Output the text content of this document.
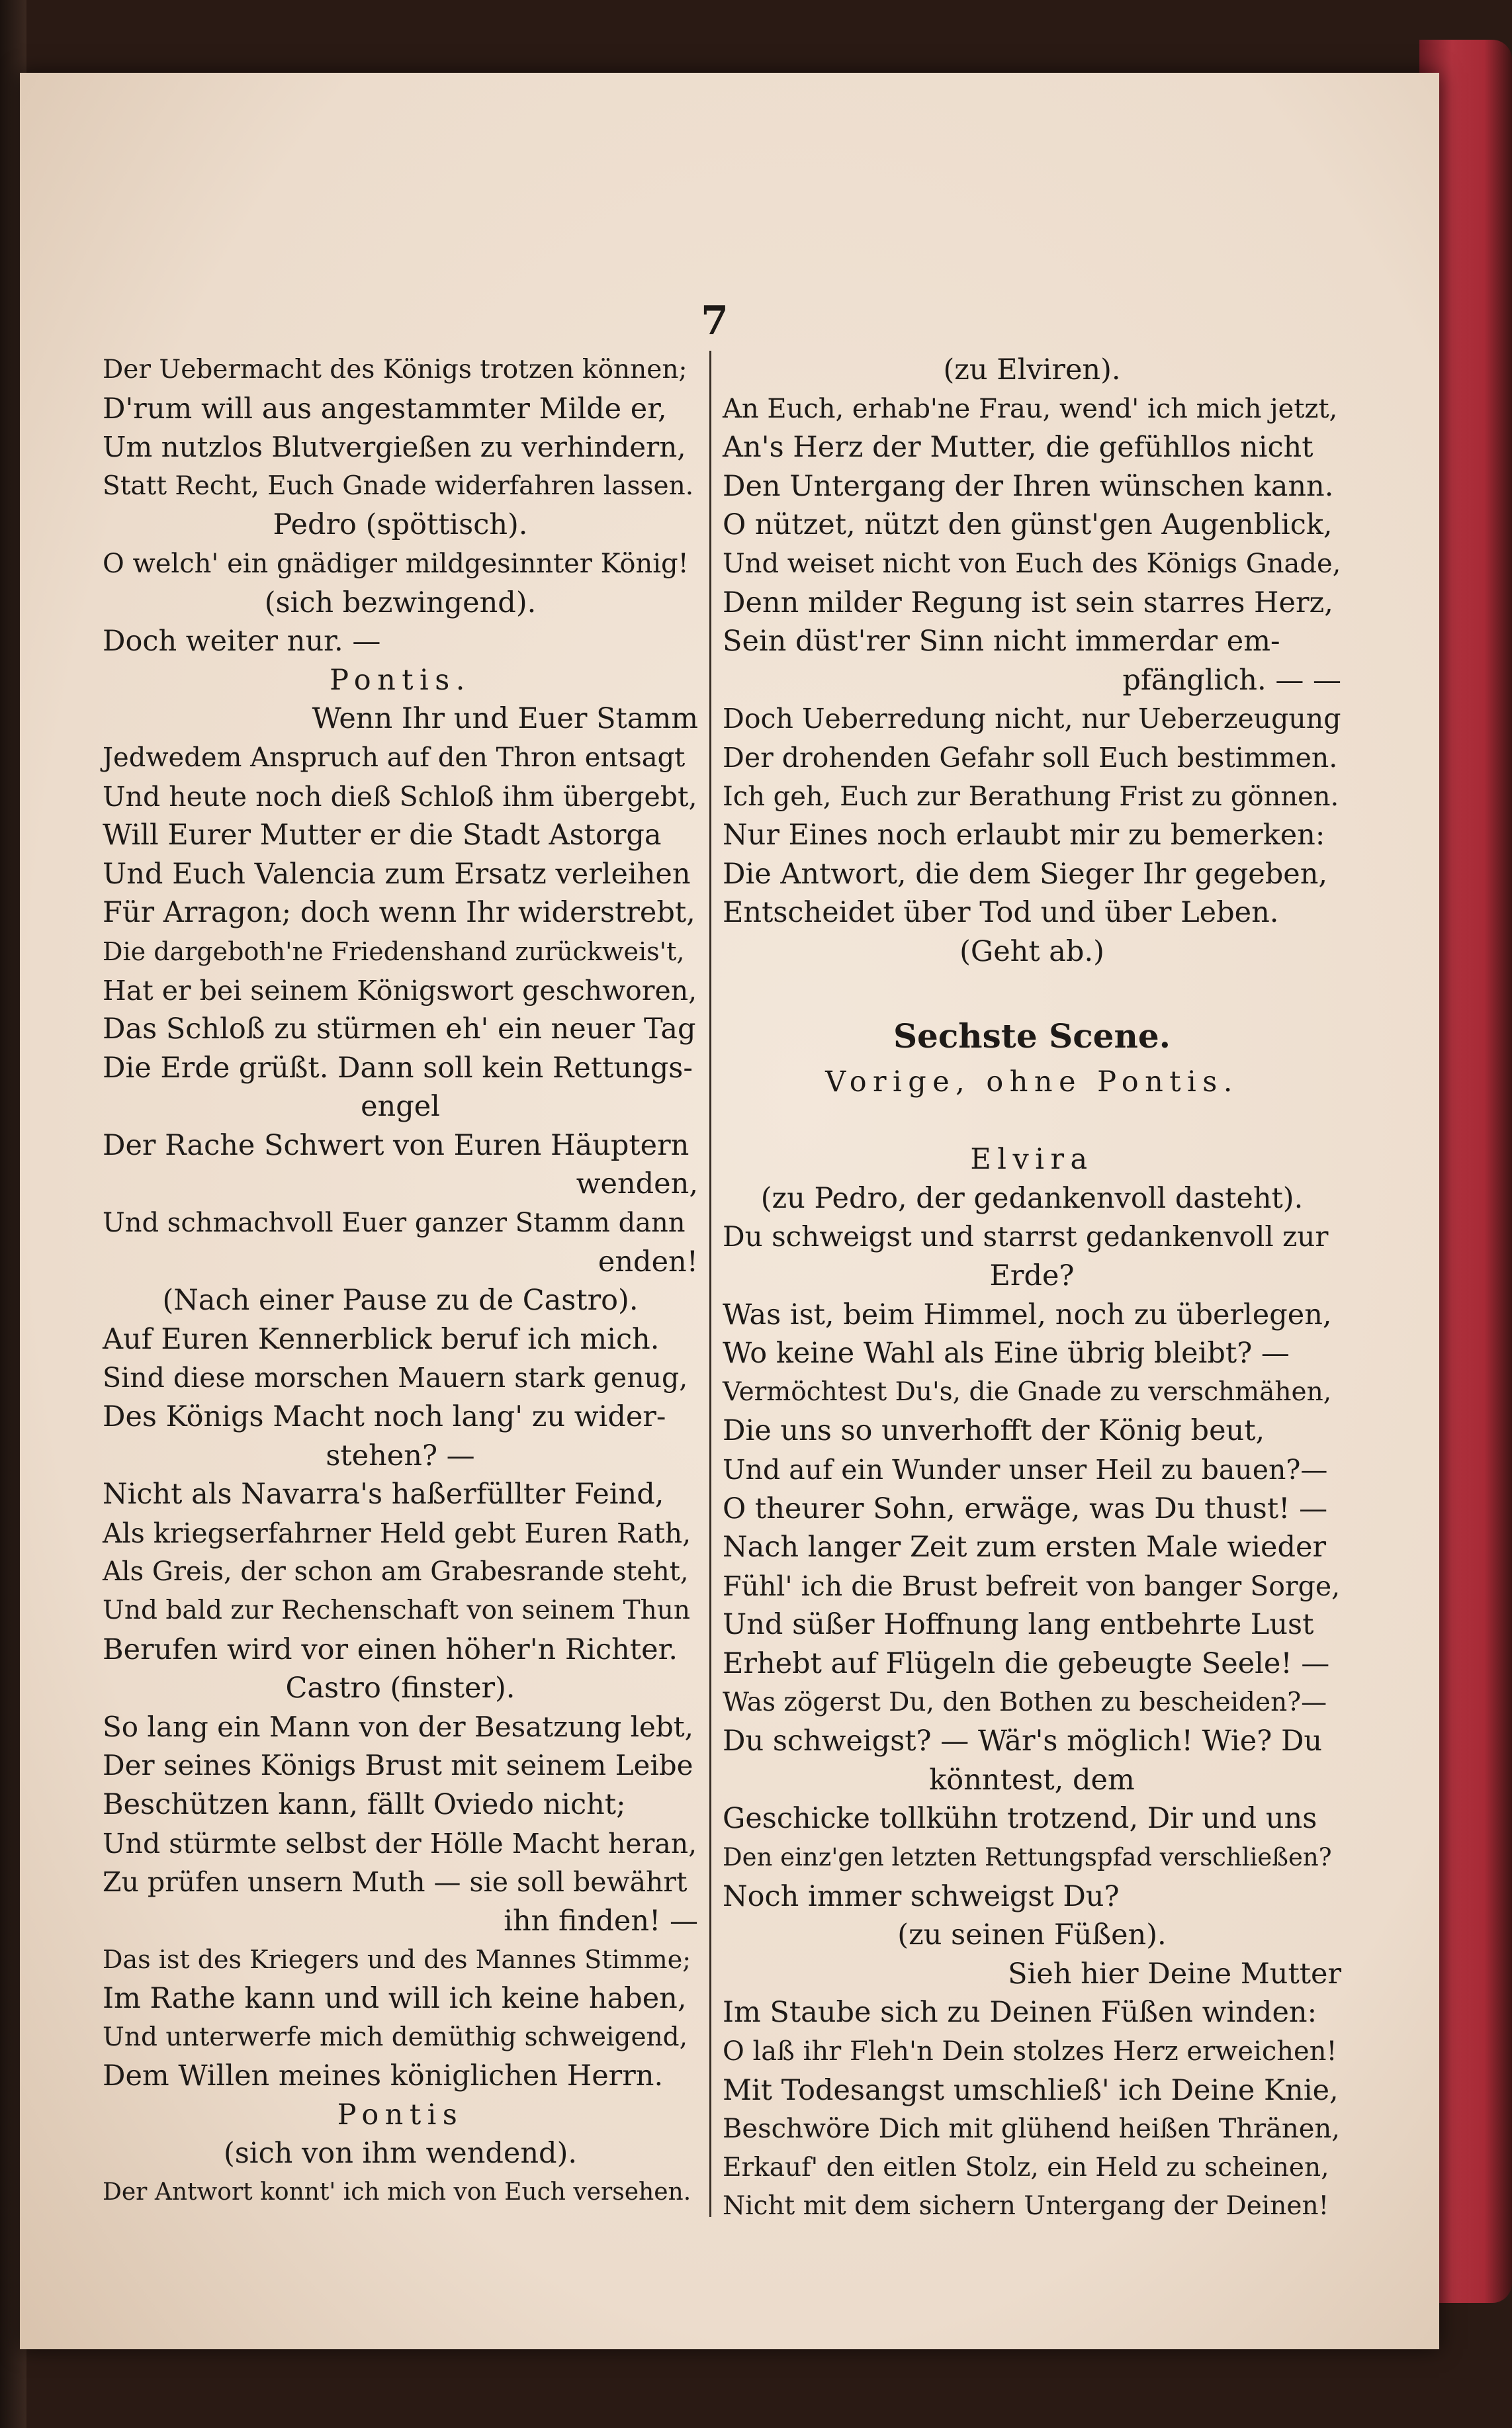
7
Der Uebermacht des Königs trotzen können;
D'rum will aus angestammter Milde er,
Um nutzlos Blutvergießen zu verhindern,
Statt Recht, Euch Gnade widerfahren lassen.
Pedro (spöttisch).
O welch' ein gnädiger mildgesinnter König!
(sich bezwingend).
Doch weiter nur. —
Pontis.
Wenn Ihr und Euer Stamm
Jedwedem Anspruch auf den Thron entsagt
Und heute noch dieß Schloß ihm übergebt,
Will Eurer Mutter er die Stadt Astorga
Und Euch Valencia zum Ersatz verleihen
Für Arragon; doch wenn Ihr widerstrebt,
Die dargeboth'ne Friedenshand zurückweis't,
Hat er bei seinem Königswort geschworen,
Das Schloß zu stürmen eh' ein neuer Tag
Die Erde grüßt. Dann soll kein Rettungs-
engel
Der Rache Schwert von Euren Häuptern
wenden,
Und schmachvoll Euer ganzer Stamm dann
enden!
(Nach einer Pause zu de Castro).
Auf Euren Kennerblick beruf ich mich.
Sind diese morschen Mauern stark genug,
Des Königs Macht noch lang' zu wider-
stehen? —
Nicht als Navarra's haßerfüllter Feind,
Als kriegserfahrner Held gebt Euren Rath,
Als Greis, der schon am Grabesrande steht,
Und bald zur Rechenschaft von seinem Thun
Berufen wird vor einen höher'n Richter.
Castro (finster).
So lang ein Mann von der Besatzung lebt,
Der seines Königs Brust mit seinem Leibe
Beschützen kann, fällt Oviedo nicht;
Und stürmte selbst der Hölle Macht heran,
Zu prüfen unsern Muth — sie soll bewährt
ihn finden! —
Das ist des Kriegers und des Mannes Stimme;
Im Rathe kann und will ich keine haben,
Und unterwerfe mich demüthig schweigend,
Dem Willen meines königlichen Herrn.
Pontis
(sich von ihm wendend).
Der Antwort konnt' ich mich von Euch versehen.
(zu Elviren).
An Euch, erhab'ne Frau, wend' ich mich jetzt,
An's Herz der Mutter, die gefühllos nicht
Den Untergang der Ihren wünschen kann.
O nützet, nützt den günst'gen Augenblick,
Und weiset nicht von Euch des Königs Gnade,
Denn milder Regung ist sein starres Herz,
Sein düst'rer Sinn nicht immerdar em-
pfänglich. — —
Doch Ueberredung nicht, nur Ueberzeugung
Der drohenden Gefahr soll Euch bestimmen.
Ich geh, Euch zur Berathung Frist zu gönnen.
Nur Eines noch erlaubt mir zu bemerken:
Die Antwort, die dem Sieger Ihr gegeben,
Entscheidet über Tod und über Leben.
(Geht ab.)
Sechste Scene.
Vorige, ohne Pontis.
Elvira
(zu Pedro, der gedankenvoll dasteht).
Du schweigst und starrst gedankenvoll zur
Erde?
Was ist, beim Himmel, noch zu überlegen,
Wo keine Wahl als Eine übrig bleibt? —
Vermöchtest Du's, die Gnade zu verschmähen,
Die uns so unverhofft der König beut,
Und auf ein Wunder unser Heil zu bauen?—
O theurer Sohn, erwäge, was Du thust! —
Nach langer Zeit zum ersten Male wieder
Fühl' ich die Brust befreit von banger Sorge,
Und süßer Hoffnung lang entbehrte Lust
Erhebt auf Flügeln die gebeugte Seele! —
Was zögerst Du, den Bothen zu bescheiden?—
Du schweigst? — Wär's möglich! Wie? Du
könntest, dem
Geschicke tollkühn trotzend, Dir und uns
Den einz'gen letzten Rettungspfad verschließen?
Noch immer schweigst Du?
(zu seinen Füßen).
Sieh hier Deine Mutter
Im Staube sich zu Deinen Füßen winden:
O laß ihr Fleh'n Dein stolzes Herz erweichen!
Mit Todesangst umschließ' ich Deine Knie,
Beschwöre Dich mit glühend heißen Thränen,
Erkauf' den eitlen Stolz, ein Held zu scheinen,
Nicht mit dem sichern Untergang der Deinen!
